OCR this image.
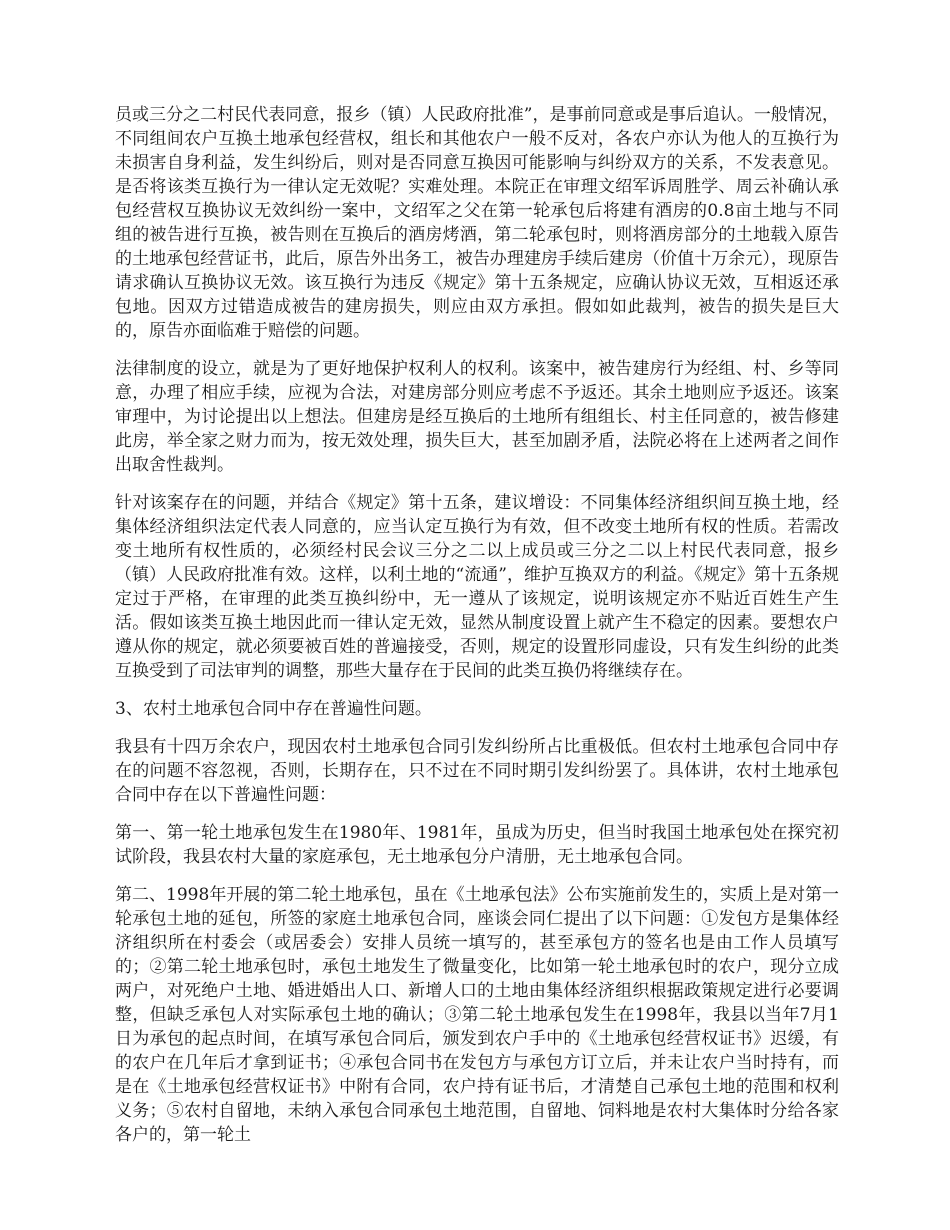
员或三分之二村民代表同意，报乡（镇）人民政府批准”，是事前同意或是事后追认。一般情况，不同组间农户互换土地承包经营权，组长和其他农户一般不反对，各农户亦认为他人的互换行为未损害自身利益，发生纠纷后，则对是否同意互换因可能影响与纠纷双方的关系，不发表意见。是否将该类互换行为一律认定无效呢？实难处理。本院正在审理文绍军诉周胜学、周云补确认承包经营权互换协议无效纠纷一案中，文绍军之父在第一轮承包后将建有酒房的0.8亩土地与不同组的被告进行互换，被告则在互换后的酒房烤酒，第二轮承包时，则将酒房部分的土地载入原告的土地承包经营证书，此后，原告外出务工，被告办理建房手续后建房（价值十万余元），现原告请求确认互换协议无效。该互换行为违反《规定》第十五条规定，应确认协议无效，互相返还承包地。因双方过错造成被告的建房损失，则应由双方承担。假如如此裁判，被告的损失是巨大的，原告亦面临难于赔偿的问题。

法律制度的设立，就是为了更好地保护权利人的权利。该案中，被告建房行为经组、村、乡等同意，办理了相应手续，应视为合法，对建房部分则应考虑不予返还。其余土地则应予返还。该案审理中，为讨论提出以上想法。但建房是经互换后的土地所有组组长、村主任同意的，被告修建此房，举全家之财力而为，按无效处理，损失巨大，甚至加剧矛盾，法院必将在上述两者之间作出取舍性裁判。

针对该案存在的问题，并结合《规定》第十五条，建议增设：不同集体经济组织间互换土地，经集体经济组织法定代表人同意的，应当认定互换行为有效，但不改变土地所有权的性质。若需改变土地所有权性质的，必须经村民会议三分之二以上成员或三分之二以上村民代表同意，报乡（镇）人民政府批准有效。这样，以利土地的“流通”，维护互换双方的利益。《规定》第十五条规定过于严格，在审理的此类互换纠纷中，无一遵从了该规定，说明该规定亦不贴近百姓生产生活。假如该类互换土地因此而一律认定无效，显然从制度设置上就产生不稳定的因素。要想农户遵从你的规定，就必须要被百姓的普遍接受，否则，规定的设置形同虚设，只有发生纠纷的此类互换受到了司法审判的调整，那些大量存在于民间的此类互换仍将继续存在。

3、农村土地承包合同中存在普遍性问题。

我县有十四万余农户，现因农村土地承包合同引发纠纷所占比重极低。但农村土地承包合同中存在的问题不容忽视，否则，长期存在，只不过在不同时期引发纠纷罢了。具体讲，农村土地承包合同中存在以下普遍性问题：

第一、第一轮土地承包发生在1980年、1981年，虽成为历史，但当时我国土地承包处在探究初试阶段，我县农村大量的家庭承包，无土地承包分户清册，无土地承包合同。

第二、1998年开展的第二轮土地承包，虽在《土地承包法》公布实施前发生的，实质上是对第一轮承包土地的延包，所签的家庭土地承包合同，座谈会同仁提出了以下问题：①发包方是集体经济组织所在村委会（或居委会）安排人员统一填写的，甚至承包方的签名也是由工作人员填写的；②第二轮土地承包时，承包土地发生了微量变化，比如第一轮土地承包时的农户，现分立成两户，对死绝户土地、婚进婚出人口、新增人口的土地由集体经济组织根据政策规定进行必要调整，但缺乏承包人对实际承包土地的确认；③第二轮土地承包发生在1998年，我县以当年7月1日为承包的起点时间，在填写承包合同后，颁发到农户手中的《土地承包经营权证书》迟缓，有的农户在几年后才拿到证书；④承包合同书在发包方与承包方订立后，并未让农户当时持有，而是在《土地承包经营权证书》中附有合同，农户持有证书后，才清楚自己承包土地的范围和权利义务；⑤农村自留地，未纳入承包合同承包土地范围，自留地、饲料地是农村大集体时分给各家各户的，第一轮土
